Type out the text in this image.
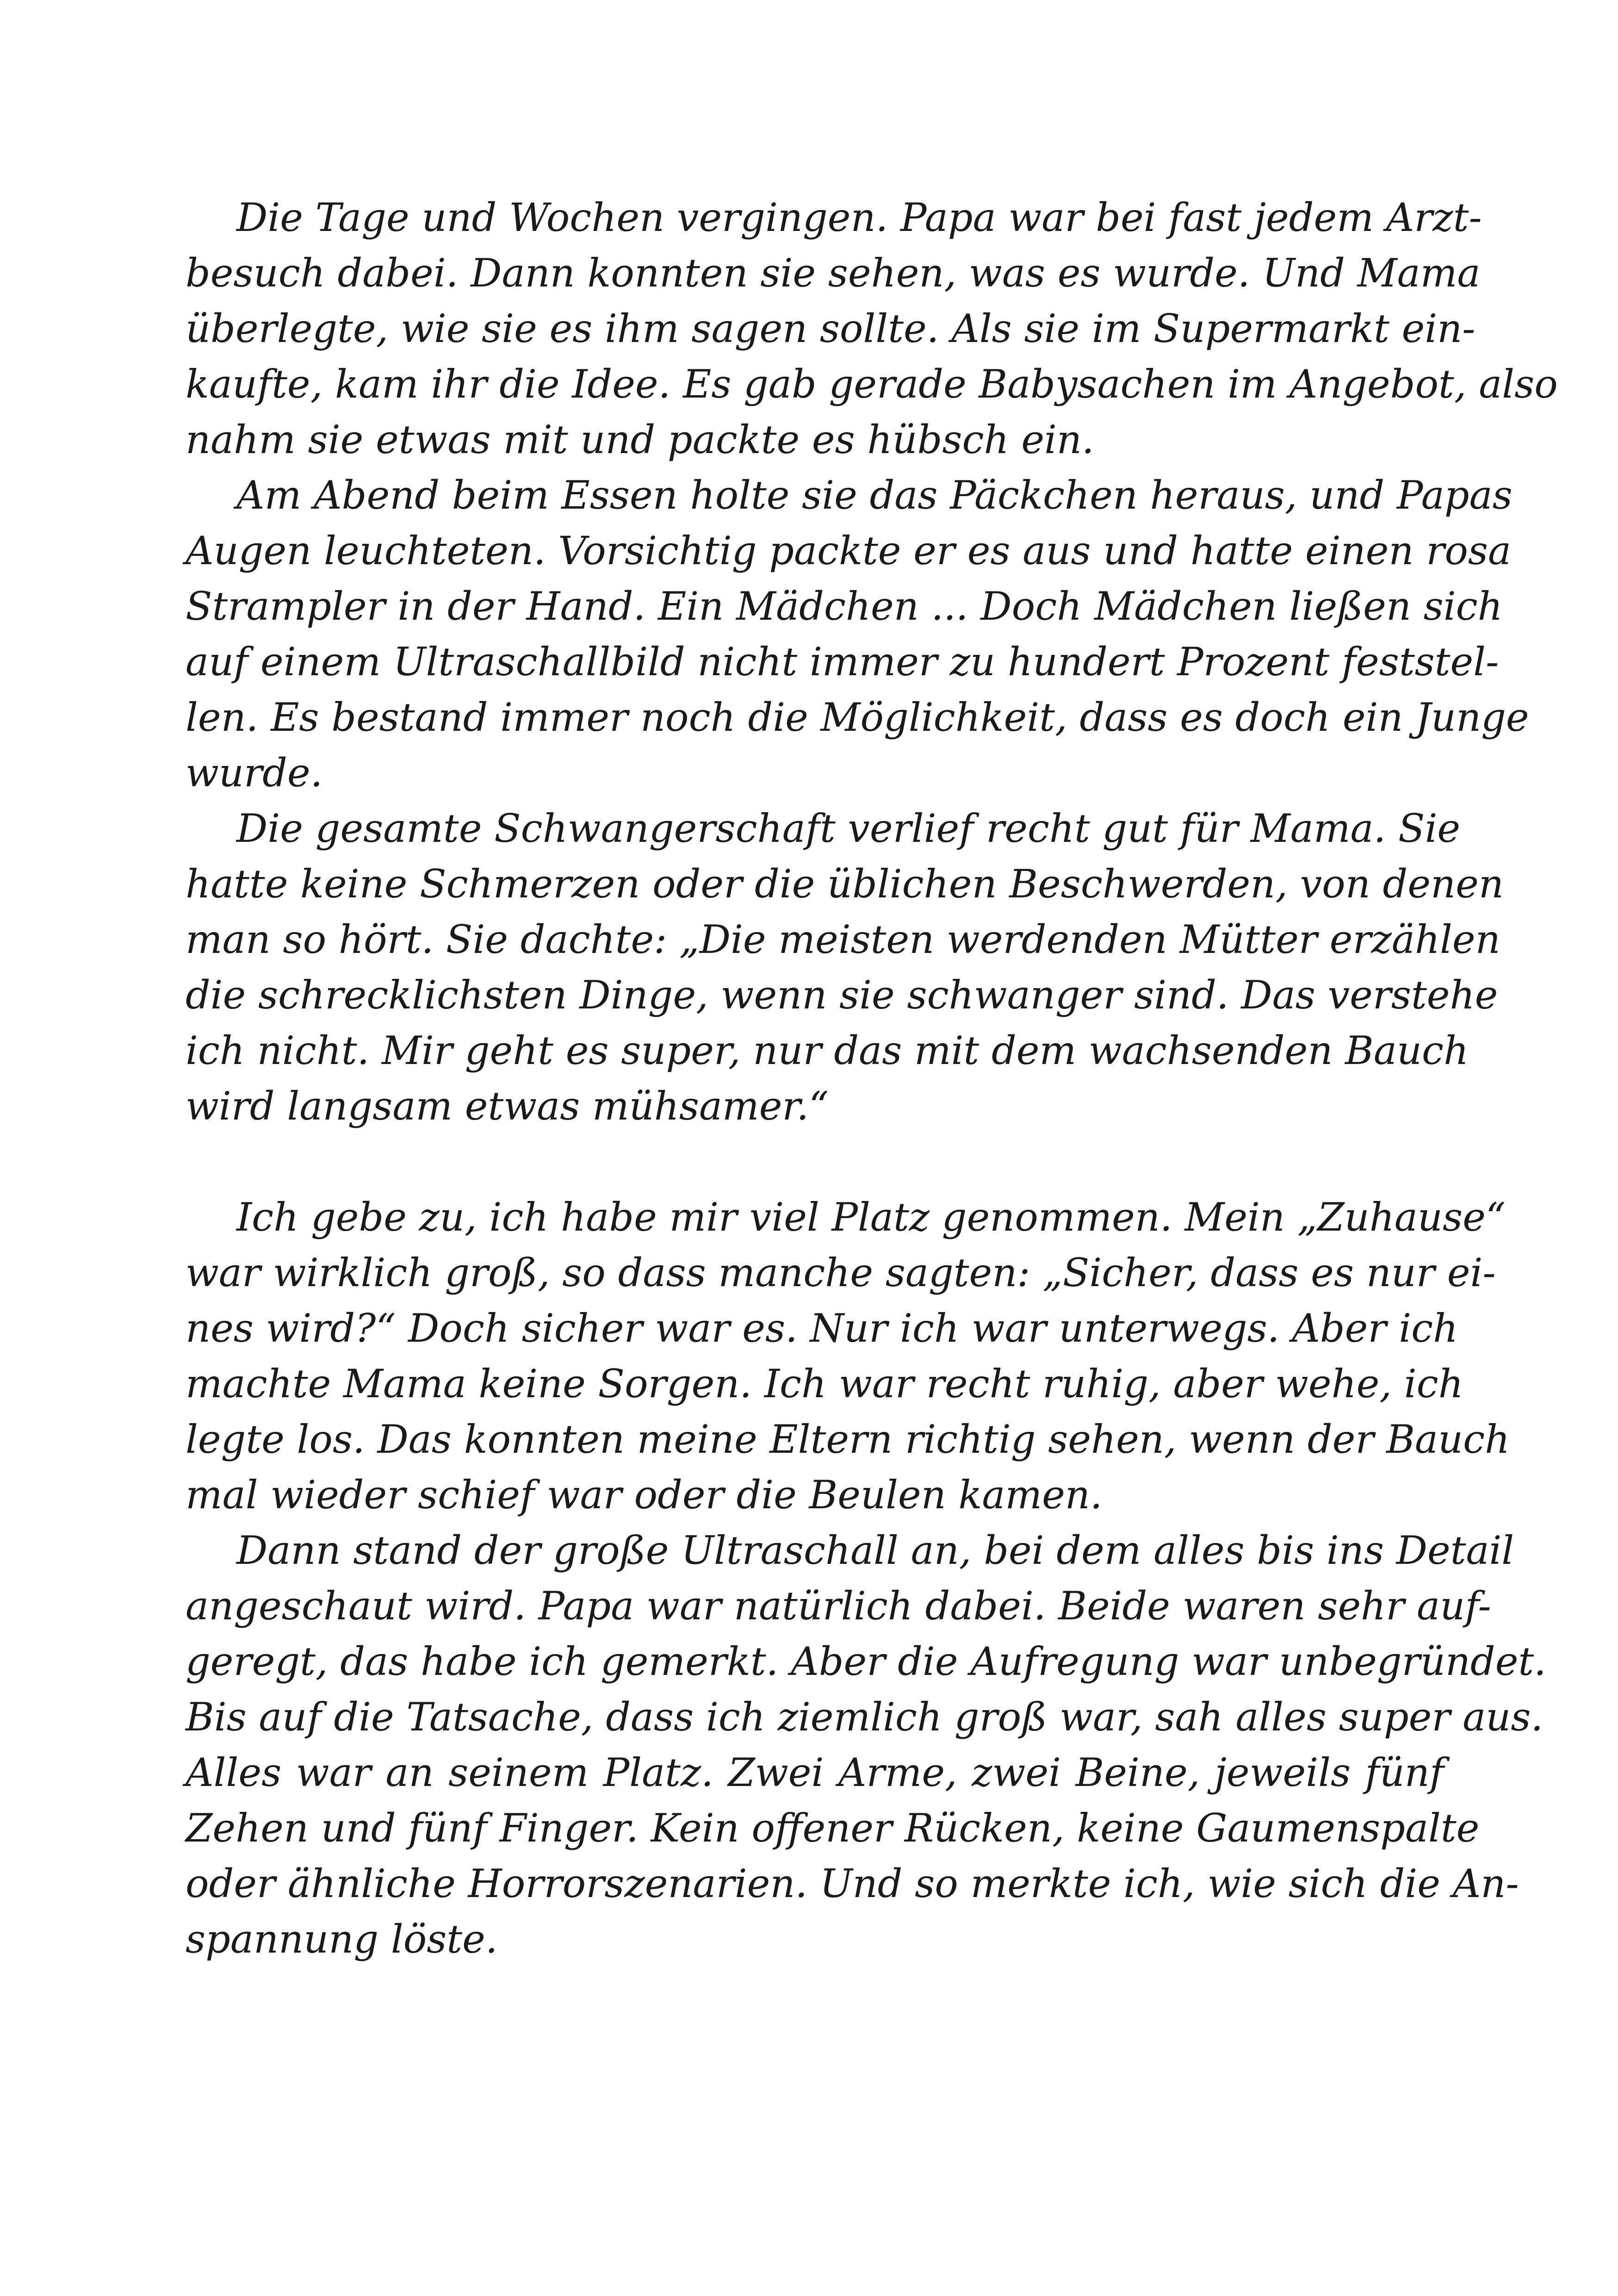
Die Tage und Wochen vergingen. Papa war bei fast jedem Arzt-
besuch dabei. Dann konnten sie sehen, was es wurde. Und Mama
überlegte, wie sie es ihm sagen sollte. Als sie im Supermarkt ein-
kaufte, kam ihr die Idee. Es gab gerade Babysachen im Angebot, also
nahm sie etwas mit und packte es hübsch ein.
Am Abend beim Essen holte sie das Päckchen heraus, und Papas
Augen leuchteten. Vorsichtig packte er es aus und hatte einen rosa
Strampler in der Hand. Ein Mädchen ... Doch Mädchen ließen sich
auf einem Ultraschallbild nicht immer zu hundert Prozent feststel-
len. Es bestand immer noch die Möglichkeit, dass es doch ein Junge
wurde.
Die gesamte Schwangerschaft verlief recht gut für Mama. Sie
hatte keine Schmerzen oder die üblichen Beschwerden, von denen
man so hört. Sie dachte: „Die meisten werdenden Mütter erzählen
die schrecklichsten Dinge, wenn sie schwanger sind. Das verstehe
ich nicht. Mir geht es super, nur das mit dem wachsenden Bauch
wird langsam etwas mühsamer.“
Ich gebe zu, ich habe mir viel Platz genommen. Mein „Zuhause“
war wirklich groß, so dass manche sagten: „Sicher, dass es nur ei-
nes wird?“ Doch sicher war es. Nur ich war unterwegs. Aber ich
machte Mama keine Sorgen. Ich war recht ruhig, aber wehe, ich
legte los. Das konnten meine Eltern richtig sehen, wenn der Bauch
mal wieder schief war oder die Beulen kamen.
Dann stand der große Ultraschall an, bei dem alles bis ins Detail
angeschaut wird. Papa war natürlich dabei. Beide waren sehr auf-
geregt, das habe ich gemerkt. Aber die Aufregung war unbegründet.
Bis auf die Tatsache, dass ich ziemlich groß war, sah alles super aus.
Alles war an seinem Platz. Zwei Arme, zwei Beine, jeweils fünf
Zehen und fünf Finger. Kein offener Rücken, keine Gaumenspalte
oder ähnliche Horrorszenarien. Und so merkte ich, wie sich die An-
spannung löste.
